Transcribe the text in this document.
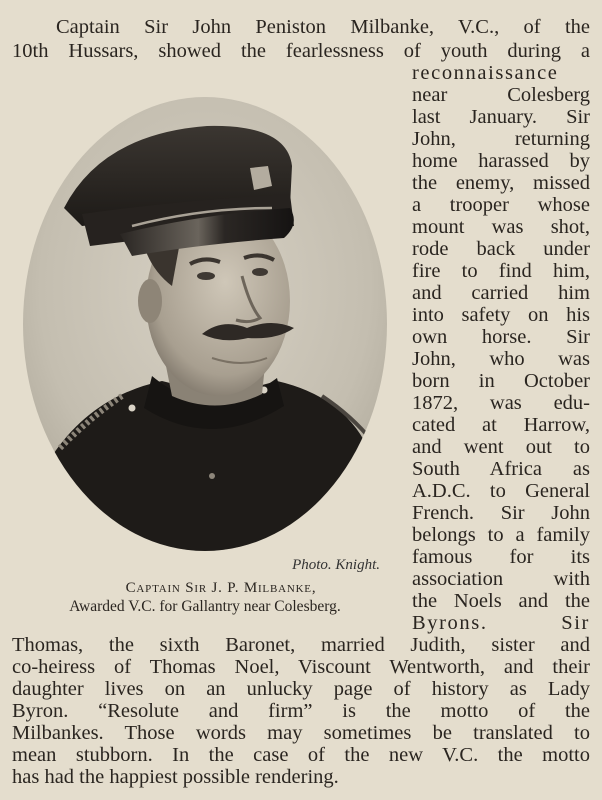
Captain Sir John Peniston Milbanke, V.C., of the
10th Hussars, showed the fearlessness of youth during a
reconnaissance
near Colesberg
last January. Sir
John, returning
home harassed by
the enemy, missed
a trooper whose
mount was shot,
rode back under
fire to find him,
and carried him
into safety on his
own horse. Sir
John, who was
born in October
1872, was edu-
cated at Harrow,
and went out to
South Africa as
A.D.C. to General
French. Sir John
belongs to a family
famous for its
association with
the Noels and the
Byrons. Sir
Thomas, the sixth Baronet, married Judith, sister and
co-heiress of Thomas Noel, Viscount Wentworth, and their
daughter lives on an unlucky page of history as Lady
Byron. “Resolute and firm” is the motto of the
Milbankes. Those words may sometimes be translated to
mean stubborn. In the case of the new V.C. the motto
has had the happiest possible rendering.
Photo. Knight.
Captain Sir J. P. Milbanke,
Awarded V.C. for Gallantry near Colesberg.
